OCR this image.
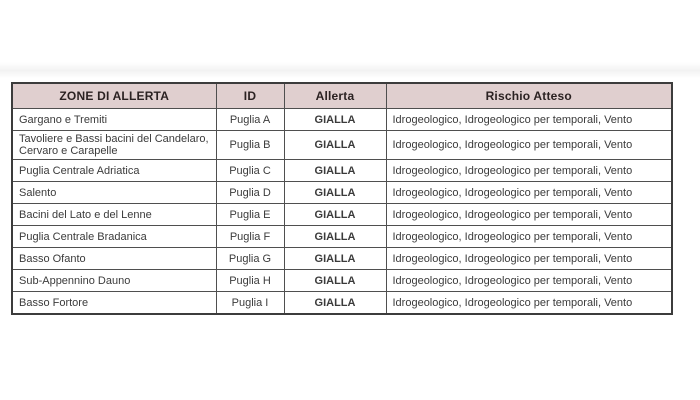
ZONE DI ALLERTA	ID	Allerta	Rischio Atteso
Gargano e Tremiti	Puglia A	GIALLA	Idrogeologico, Idrogeologico per temporali, Vento
Tavoliere e Bassi bacini del Candelaro, Cervaro e Carapelle	Puglia B	GIALLA	Idrogeologico, Idrogeologico per temporali, Vento
Puglia Centrale Adriatica	Puglia C	GIALLA	Idrogeologico, Idrogeologico per temporali, Vento
Salento	Puglia D	GIALLA	Idrogeologico, Idrogeologico per temporali, Vento
Bacini del Lato e del Lenne	Puglia E	GIALLA	Idrogeologico, Idrogeologico per temporali, Vento
Puglia Centrale Bradanica	Puglia F	GIALLA	Idrogeologico, Idrogeologico per temporali, Vento
Basso Ofanto	Puglia G	GIALLA	Idrogeologico, Idrogeologico per temporali, Vento
Sub-Appennino Dauno	Puglia H	GIALLA	Idrogeologico, Idrogeologico per temporali, Vento
Basso Fortore	Puglia I	GIALLA	Idrogeologico, Idrogeologico per temporali, Vento
